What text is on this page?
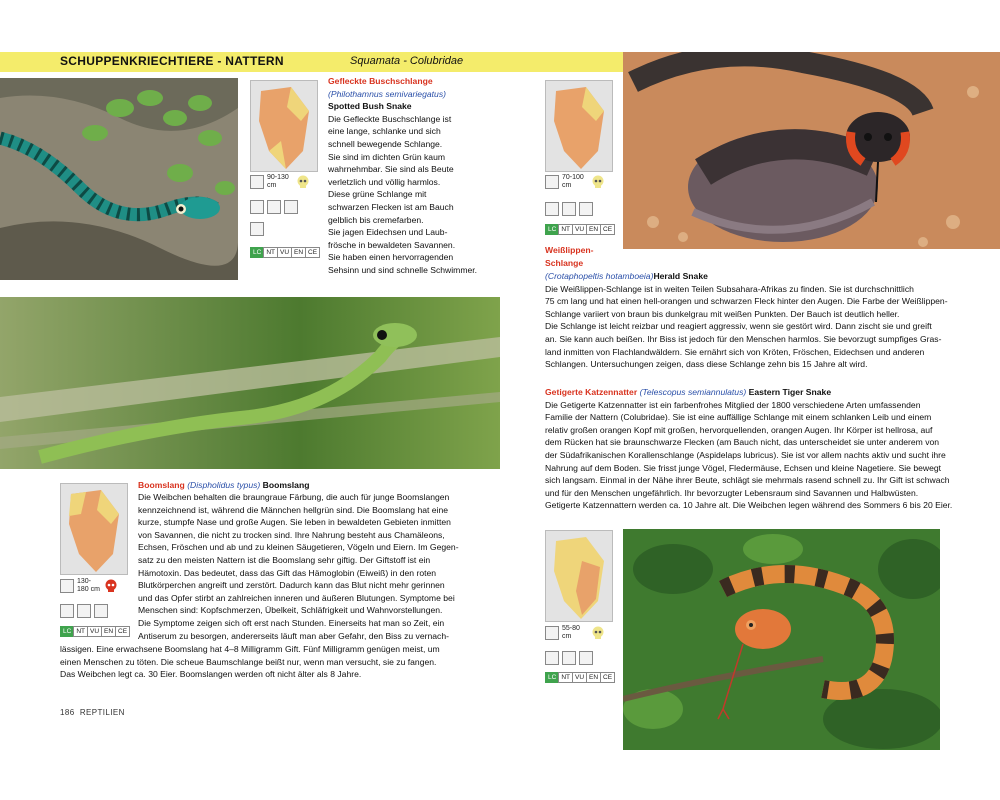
SCHUPPENKRIECHTIERE - NATTERN	Squamata - Colubridae
90-130 cm
LC NT VU EN CE
Gefleckte Buschschlange
(Philothamnus semivariegatus)
Spotted Bush Snake
Die Gefleckte Buschschlange ist
eine lange, schlanke und sich
schnell bewegende Schlange.
Sie sind im dichten Grün kaum
wahrnehmbar. Sie sind als Beute
verletzlich und völlig harmlos.
Diese grüne Schlange mit
schwarzen Flecken ist am Bauch
gelblich bis cremefarben.
Sie jagen Eidechsen und Laub-
frösche in bewaldeten Savannen.
Sie haben einen hervorragenden
Sehsinn und sind schnelle Schwimmer.
130-180 cm
LC NT VU EN CE
Boomslang (Dispholidus typus) Boomslang
Die Weibchen behalten die braungraue Färbung, die auch für junge Boomslangen
kennzeichnend ist, während die Männchen hellgrün sind. Die Boomslang hat eine
kurze, stumpfe Nase und große Augen. Sie leben in bewaldeten Gebieten inmitten
von Savannen, die nicht zu trocken sind. Ihre Nahrung besteht aus Chamäleons,
Echsen, Fröschen und ab und zu kleinen Säugetieren, Vögeln und Eiern. Im Gegen-
satz zu den meisten Nattern ist die Boomslang sehr giftig. Der Giftstoff ist ein
Hämotoxin. Das bedeutet, dass das Gift das Hämoglobin (Eiweiß) in den roten
Blutkörperchen angreift und zerstört. Dadurch kann das Blut nicht mehr gerinnen
und das Opfer stirbt an zahlreichen inneren und äußeren Blutungen. Symptome bei
Menschen sind: Kopfschmerzen, Übelkeit, Schläfrigkeit und Wahnvorstellungen.
Die Symptome zeigen sich oft erst nach Stunden. Einerseits hat man so Zeit, ein
Antiserum zu besorgen, andererseits läuft man aber Gefahr, den Biss zu vernach-
lässigen. Eine erwachsene Boomslang hat 4–8 Milligramm Gift. Fünf Milligramm genügen meist, um
einen Menschen zu töten. Die scheue Baumschlange beißt nur, wenn man versucht, sie zu fangen.
Das Weibchen legt ca. 30 Eier. Boomslangen werden oft nicht älter als 8 Jahre.
186 REPTILIEN
70-100 cm
LC NT VU EN CE
Weißlippen-
Schlange
(Crotaphopeltis hotamboeia)Herald Snake
Die Weißlippen-Schlange ist in weiten Teilen Subsahara-Afrikas zu finden. Sie ist durchschnittlich
75 cm lang und hat einen hell-orangen und schwarzen Fleck hinter den Augen. Die Farbe der Weißlippen-
Schlange variiert von braun bis dunkelgrau mit weißen Punkten. Der Bauch ist deutlich heller.
Die Schlange ist leicht reizbar und reagiert aggressiv, wenn sie gestört wird. Dann zischt sie und greift
an. Sie kann auch beißen. Ihr Biss ist jedoch für den Menschen harmlos. Sie bevorzugt sumpfiges Gras-
land inmitten von Flachlandwäldern. Sie ernährt sich von Kröten, Fröschen, Eidechsen und anderen
Schlangen. Untersuchungen zeigen, dass diese Schlange zehn bis 15 Jahre alt wird.
Getigerte Katzennatter (Telescopus semiannulatus) Eastern Tiger Snake
Die Getigerte Katzennatter ist ein farbenfrohes Mitglied der 1800 verschiedene Arten umfassenden
Familie der Nattern (Colubridae). Sie ist eine auffällige Schlange mit einem schlanken Leib und einem
relativ großen orangen Kopf mit großen, hervorquellenden, orangen Augen. Ihr Körper ist hellrosa, auf
dem Rücken hat sie braunschwarze Flecken (am Bauch nicht, das unterscheidet sie unter anderem von
der Südafrikanischen Korallenschlange (Aspidelaps lubricus). Sie ist vor allem nachts aktiv und sucht ihre
Nahrung auf dem Boden. Sie frisst junge Vögel, Fledermäuse, Echsen und kleine Nagetiere. Sie bewegt
sich langsam. Einmal in der Nähe ihrer Beute, schlägt sie mehrmals rasend schnell zu. Ihr Gift ist schwach
und für den Menschen ungefährlich. Ihr bevorzugter Lebensraum sind Savannen und Halbwüsten.
Getigerte Katzennattern werden ca. 10 Jahre alt. Die Weibchen legen während des Sommers 6 bis 20 Eier.
55-80 cm
LC NT VU EN CE
